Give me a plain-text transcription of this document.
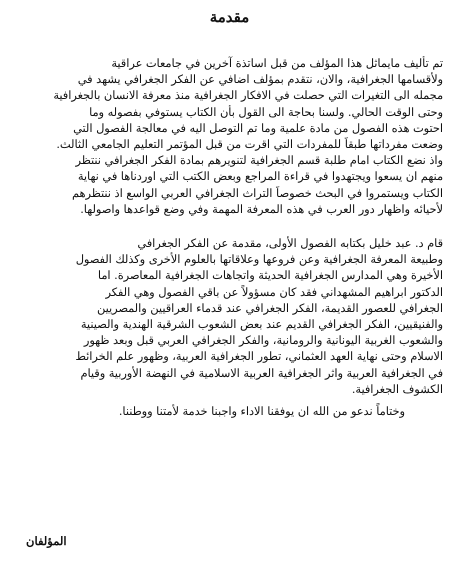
مقدمة
تم تأليف مايماثل هذا المؤلف من قبل اساتذة آخرين في جامعات عراقية
ولأقسامها الجغرافية، والان، نتقدم بمؤلف اضافي عن الفكر الجغرافي يشهد في
مجمله الى التغيرات التي حصلت في الافكار الجغرافية منذ معرفة الانسان بالجغرافية
وحتى الوقت الحالي. ولسنا بحاجة الى القول بأن الكتاب يستوفي بفصوله وما
احتوت هذه الفصول من مادة علمية وما تم التوصل اليه في معالجة الفصول التي
وضعت مفرداتها طبقاً للمفردات التي اقرت من قبل المؤتمر التعليم الجامعي الثالث.
واذ نضع الكتاب امام طلبة قسم الجغرافية لتنويرهم بمادة الفكر الجغرافي ننتظر
منهم ان يسعوا ويجتهدوا في قراءة المراجع وبعض الكتب التي اوردناها في نهاية
الكتاب ويستمروا في البحث خصوصاً التراث الجغرافي العربي الواسع اذ ننتظرهم
لأحيائه واظهار دور العرب في هذه المعرفة المهمة وفي وضع قواعدها واصولها.
قام د. عبد خليل بكتابه الفصول الأولى، مقدمة عن الفكر الجغرافي
وطبيعة المعرفة الجغرافية وعن فروعها وعلاقاتها بالعلوم الأخرى وكذلك الفصول
الأخيرة وهي المدارس الجغرافية الحديثة واتجاهات الجغرافية المعاصرة. اما
الدكتور ابراهيم المشهداني فقد كان مسؤولاً عن باقي الفصول وهي الفكر
الجغرافي للعصور القديمة، الفكر الجغرافي عند قدماء العراقيين والمصريين
والفنيقيين، الفكر الجغرافي القديم عند بعض الشعوب الشرقية الهندية والصينية
والشعوب الغربية اليونانية والرومانية، والفكر الجغرافي العربي قبل وبعد ظهور
الاسلام وحتى نهاية العهد العثماني، تطور الجغرافية العربية، وظهور علم الخرائط
في الجغرافية العربية واثر الجغرافية العربية الاسلامية في النهضة الأوربية وقيام
الكشوف الجغرافية.

وختاماً ندعو من الله ان يوفقنا الاداء واجبنا خدمة لأمتنا ووطننا.

المؤلفان
